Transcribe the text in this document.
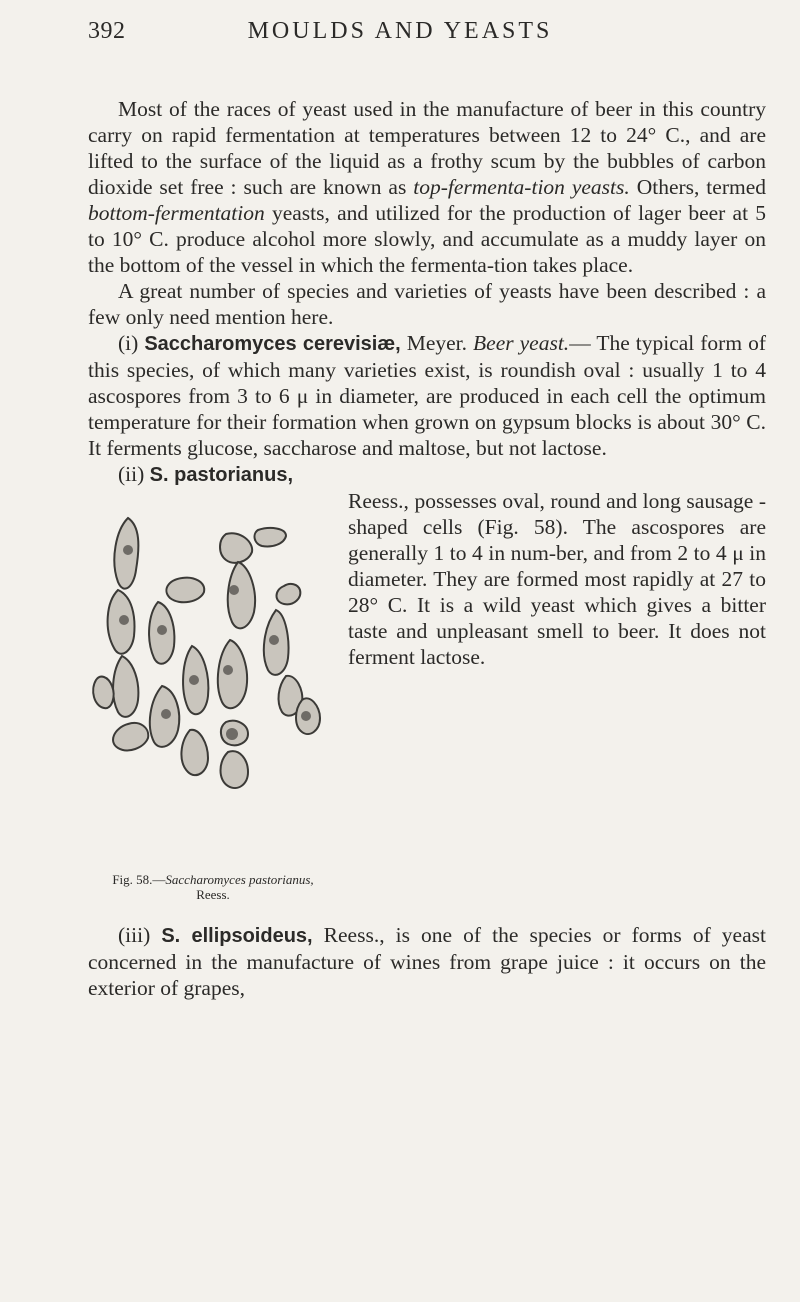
392	MOULDS AND YEASTS

Most of the races of yeast used in the manufacture of beer in this country carry on rapid fermentation at temperatures between 12 to 24° C., and are lifted to the surface of the liquid as a frothy scum by the bubbles of carbon dioxide set free : such are known as top-fermenta-tion yeasts. Others, termed bottom-fermentation yeasts, and utilized for the production of lager beer at 5 to 10° C. produce alcohol more slowly, and accumulate as a muddy layer on the bottom of the vessel in which the fermenta-tion takes place.

A great number of species and varieties of yeasts have been described : a few only need mention here.

(i) Saccharomyces cerevisiæ, Meyer. Beer yeast.— The typical form of this species, of which many varieties exist, is roundish oval : usually 1 to 4 ascospores from 3 to 6 μ in diameter, are produced in each cell the optimum temperature for their formation when grown on gypsum blocks is about 30° C. It ferments glucose, saccharose and maltose, but not lactose.

(ii) S. pastorianus,

Fig. 58.—Saccharomyces pastorianus,
Reess.

Reess., possesses oval, round and long sausage - shaped cells (Fig. 58). The ascospores are generally 1 to 4 in num-ber, and from 2 to 4 μ in diameter. They are formed most rapidly at 27 to 28° C. It is a wild yeast which gives a bitter taste and unpleasant smell to beer. It does not ferment lactose.

(iii) S. ellipsoideus, Reess., is one of the species or forms of yeast concerned in the manufacture of wines from grape juice : it occurs on the exterior of grapes,
